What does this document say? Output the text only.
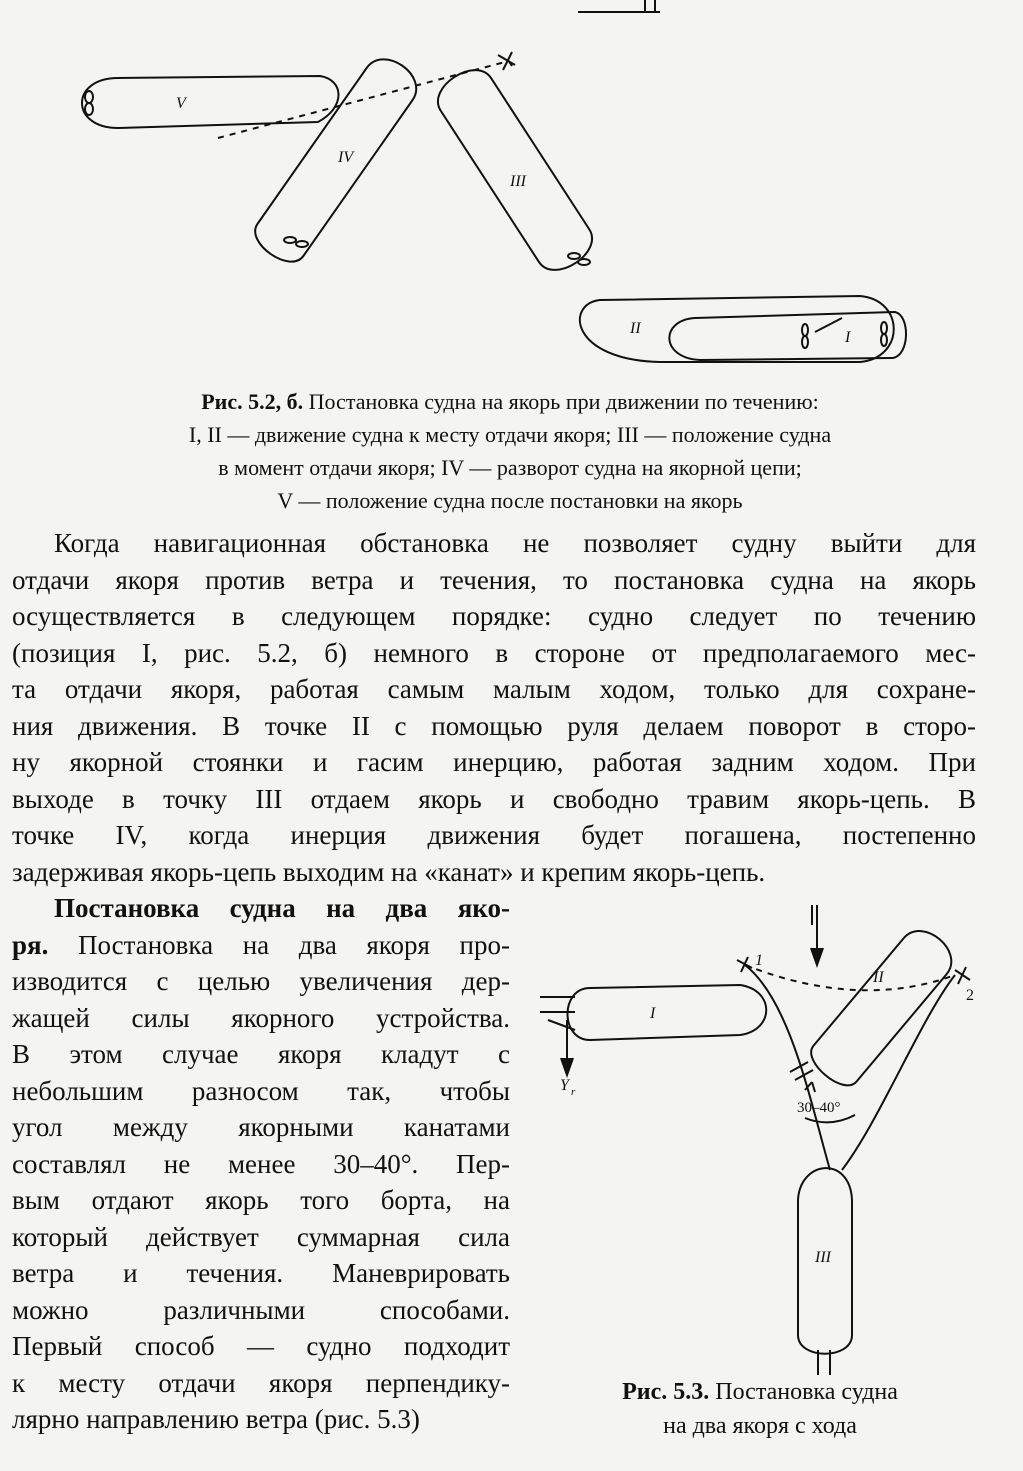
V
IV
III
II
I
Рис. 5.2, б. Постановка судна на якорь при движении по течению:
I, II — движение судна к месту отдачи якоря; III — положение судна
в момент отдачи якоря; IV — разворот судна на якорной цепи;
V — положение судна после постановки на якорь
Когда навигационная обстановка не позволяет судну выйти для
отдачи якоря против ветра и течения, то постановка судна на якорь
осуществляется в следующем порядке: судно следует по течению
(позиция I, рис. 5.2, б) немного в стороне от предполагаемого мес-
та отдачи якоря, работая самым малым ходом, только для сохране-
ния движения. В точке II с помощью руля делаем поворот в сторо-
ну якорной стоянки и гасим инерцию, работая задним ходом. При
выходе в точку III отдаем якорь и свободно травим якорь-цепь. В
точке IV, когда инерция движения будет погашена, постепенно
задерживая якорь-цепь выходим на «канат» и крепим якорь-цепь.
Постановка судна на два яко-
ря. Постановка на два якоря про-
изводится с целью увеличения дер-
жащей силы якорного устройства.
В этом случае якоря кладут с
небольшим разносом так, чтобы
угол между якорными канатами
составлял не менее 30–40°. Пер-
вым отдают якорь того борта, на
который действует суммарная сила
ветра и течения. Маневрировать
можно различными способами.
Первый способ — судно подходит
к месту отдачи якоря перпендику-
лярно направлению ветра (рис. 5.3)
I
Y r
1
2
II
30–40°
III
Рис. 5.3. Постановка судна
на два якоря с хода
